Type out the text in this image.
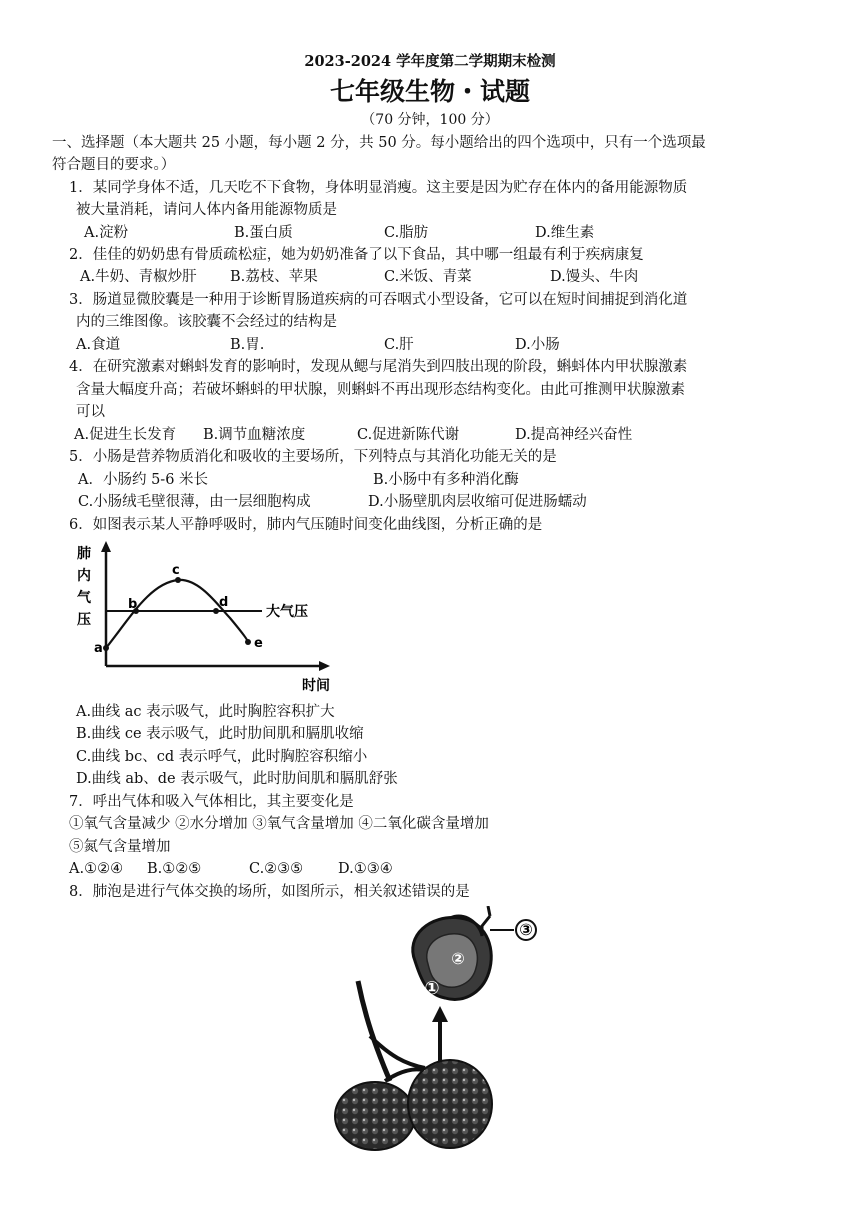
2023-2024 学年度第二学期期末检测
七年级生物・试题
（70 分钟，100 分）
一、选择题（本大题共 25 小题，每小题 2 分，共 50 分。每小题给出的四个选项中，只有一个选项最
符合题目的要求。）
1．某同学身体不适，几天吃不下食物，身体明显消瘦。这主要是因为贮存在体内的备用能源物质
被大量消耗，请问人体内备用能源物质是
A.淀粉	B.蛋白质	C.脂肪	D.维生素
2．佳佳的奶奶患有骨质疏松症，她为奶奶准备了以下食品，其中哪一组最有利于疾病康复
A.牛奶、青椒炒肝 B.荔枝、苹果	C.米饭、青菜	D.馒头、牛肉
3．肠道显微胶囊是一种用于诊断胃肠道疾病的可吞咽式小型设备，它可以在短时间捕捉到消化道
内的三维图像。该胶囊不会经过的结构是
A.食道	B.胃.	C.肝	D.小肠
4．在研究激素对蝌蚪发育的影响时，发现从鳃与尾消失到四肢出现的阶段，蝌蚪体内甲状腺激素
含量大幅度升高；若破坏蝌蚪的甲状腺，则蝌蚪不再出现形态结构变化。由此可推测甲状腺激素
可以
A.促进生长发育 B.调节血糖浓度	C.促进新陈代谢	D.提高神经兴奋性
5．小肠是营养物质消化和吸收的主要场所，下列特点与其消化功能无关的是
A．小肠约 5-6 米长	B.小肠中有多种消化酶
C.小肠绒毛壁很薄，由一层细胞构成	D.小肠壁肌肉层收缩可促进肠蠕动
6．如图表示某人平静呼吸时，肺内气压随时间变化曲线图，分析正确的是
肺
内
气
压
时间
大气压
a
b
c
d
e
A.曲线 ac 表示吸气，此时胸腔容积扩大
B.曲线 ce 表示吸气，此时肋间肌和膈肌收缩
C.曲线 bc、cd 表示呼气，此时胸腔容积缩小
D.曲线 ab、de 表示吸气，此时肋间肌和膈肌舒张
7．呼出气体和吸入气体相比，其主要变化是
①氧气含量减少 ②水分增加 ③氧气含量增加 ④二氧化碳含量增加
⑤氮气含量增加
A.①②④ B.①②⑤	C.②③⑤ D.①③④
8．肺泡是进行气体交换的场所，如图所示，相关叙述错误的是
③
①
②
